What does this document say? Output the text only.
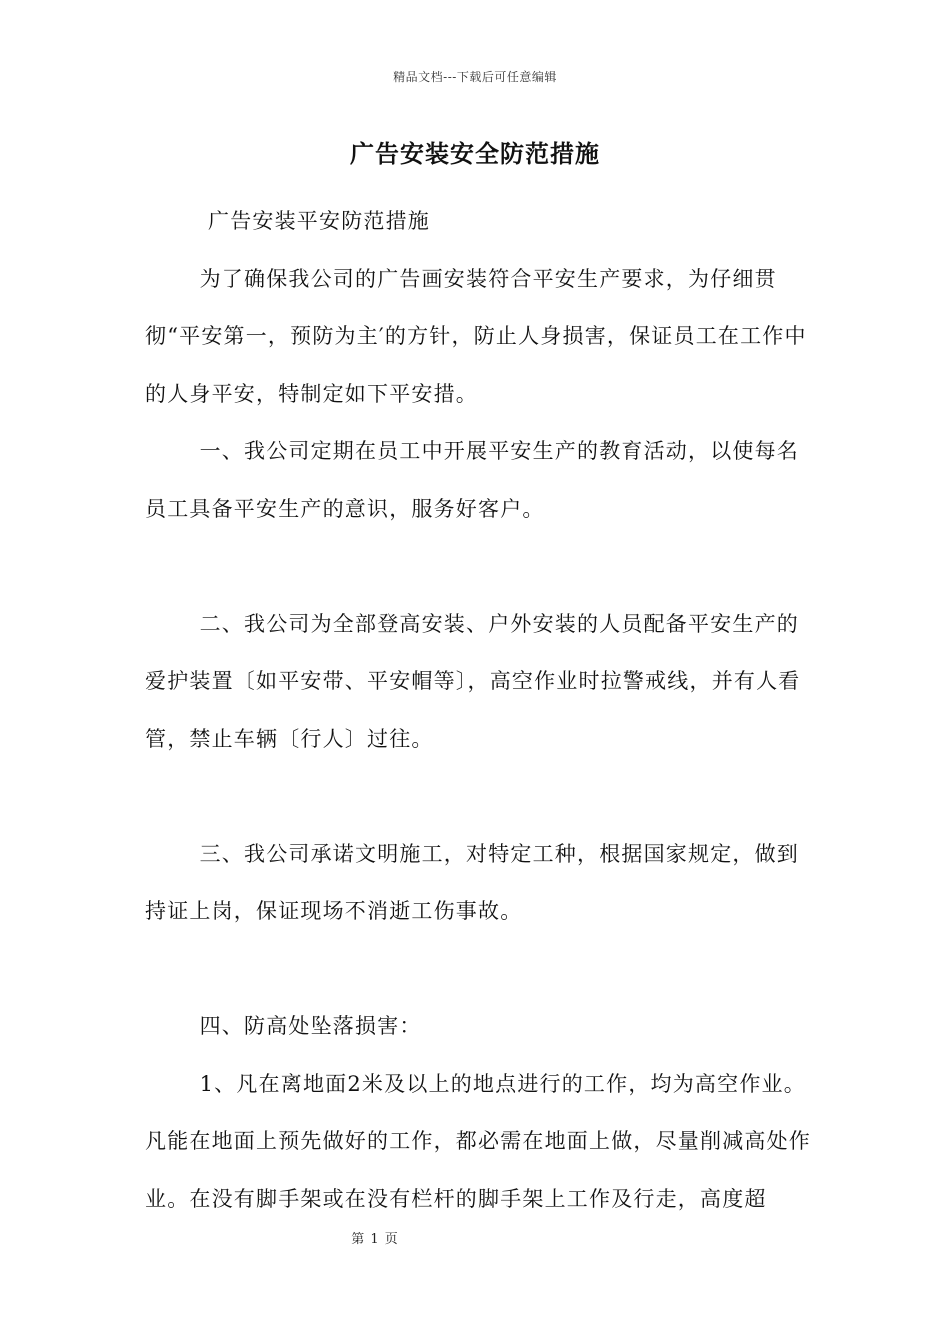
精品文档---下载后可任意编辑
广告安装安全防范措施

广告安装平安防范措施

为了确保我公司的广告画安装符合平安生产要求，为仔细贯彻“平安第一，预防为主′的方针，防止人身损害，保证员工在工作中的人身平安，特制定如下平安措。

一、我公司定期在员工中开展平安生产的教育活动，以使每名员工具备平安生产的意识，服务好客户。

二、我公司为全部登高安装、户外安装的人员配备平安生产的爱护装置〔如平安带、平安帽等〕，高空作业时拉警戒线，并有人看管，禁止车辆〔行人〕过往。

三、我公司承诺文明施工，对特定工种，根据国家规定，做到持证上岗，保证现场不消逝工伤事故。

四、防高处坠落损害：

1、凡在离地面2米及以上的地点进行的工作，均为高空作业。凡能在地面上预先做好的工作，都必需在地面上做，尽量削减高处作业。在没有脚手架或在没有栏杆的脚手架上工作及行走，高度超

第 1 页
